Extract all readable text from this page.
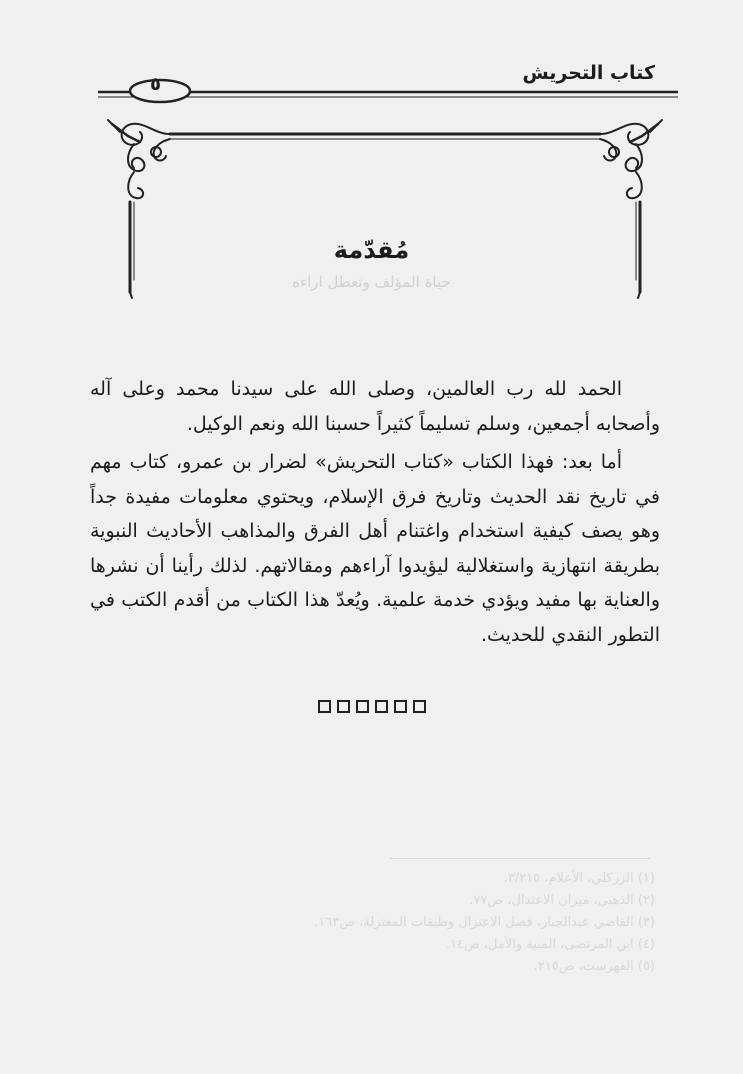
كتاب التحريش
٥
حياة المؤلف وتعطل اراءه
مُقدّمة

الحمد لله رب العالمين، وصلى الله على سيدنا محمد وعلى آله وأصحابه أجمعين، وسلم تسليماً كثيراً حسبنا الله ونعم الوكيل.

أما بعد: فهذا الكتاب «كتاب التحريش» لضرار بن عمرو، كتاب مهم في تاريخ نقد الحديث وتاريخ فرق الإسلام، ويحتوي معلومات مفيدة جداً وهو يصف كيفية استخدام واغتنام أهل الفرق والمذاهب الأحاديث النبوية بطريقة انتهازية واستغلالية ليؤيدوا آراءهم ومقالاتهم. لذلك رأينا أن نشرها والعناية بها مفيد ويؤدي خدمة علمية. ويُعدّ هذا الكتاب من أقدم الكتب في التطور النقدي للحديث.

(١) الزركلي، الأعلام، ٣/٢١٥.
(٢) الذهبي، ميزان الاعتدال، ص٧٧.
(٣) القاضي عبدالجبار، فضل الاعتزال وطبقات المعتزلة، ص١٦٣.
(٤) ابن المرتضى، المنية والأمل، ص١٤.
(٥) الفهرست، ص٢١٥.
